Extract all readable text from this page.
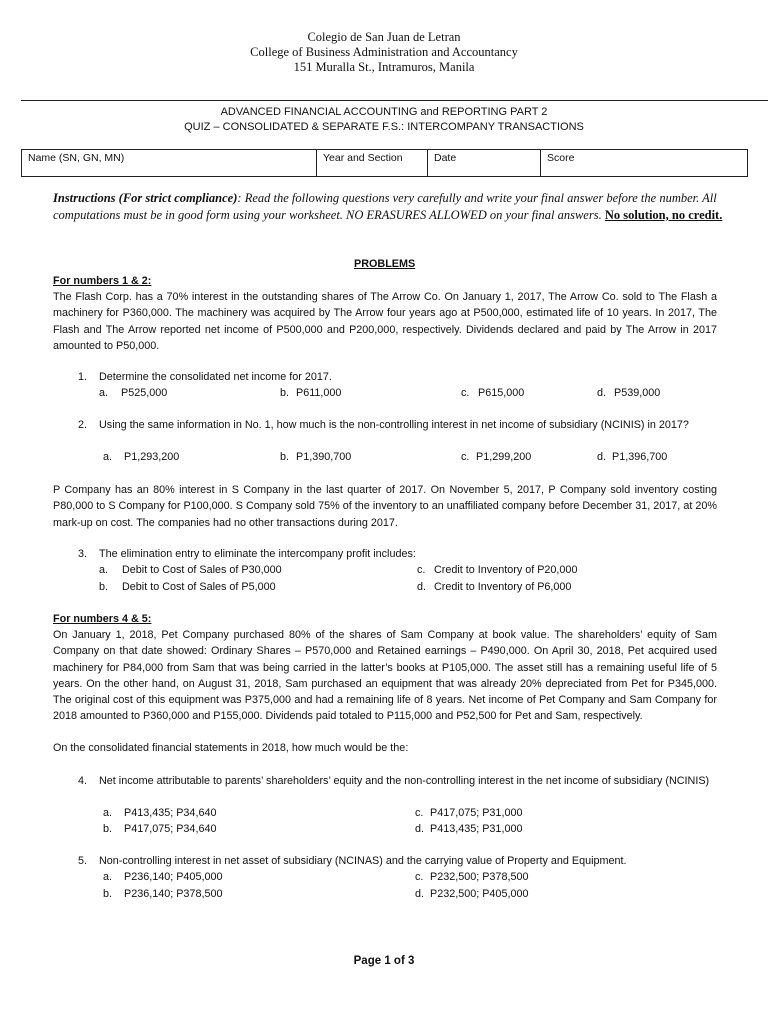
Colegio de San Juan de Letran
College of Business Administration and Accountancy
151 Muralla St., Intramuros, Manila
ADVANCED FINANCIAL ACCOUNTING and REPORTING PART 2
QUIZ – CONSOLIDATED & SEPARATE F.S.: INTERCOMPANY TRANSACTIONS
Name (SN, GN, MN)	Year and Section	Date	Score
Instructions (For strict compliance): Read the following questions very carefully and write your final answer before the number. All computations must be in good form using your worksheet. NO ERASURES ALLOWED on your final answers. No solution, no credit.
PROBLEMS
For numbers 1 & 2:
The Flash Corp. has a 70% interest in the outstanding shares of The Arrow Co. On January 1, 2017, The Arrow Co. sold to The Flash a machinery for P360,000. The machinery was acquired by The Arrow four years ago at P500,000, estimated life of 10 years. In 2017, The Flash and The Arrow reported net income of P500,000 and P200,000, respectively. Dividends declared and paid by The Arrow in 2017 amounted to P50,000.
1. Determine the consolidated net income for 2017.
a. P525,000	b. P611,000	c. P615,000	d. P539,000
2. Using the same information in No. 1, how much is the non-controlling interest in net income of subsidiary (NCINIS) in 2017?
a. P1,293,200	b. P1,390,700	c. P1,299,200	d. P1,396,700
P Company has an 80% interest in S Company in the last quarter of 2017. On November 5, 2017, P Company sold inventory costing P80,000 to S Company for P100,000. S Company sold 75% of the inventory to an unaffiliated company before December 31, 2017, at 20% mark-up on cost. The companies had no other transactions during 2017.
3. The elimination entry to eliminate the intercompany profit includes:
a. Debit to Cost of Sales of P30,000
b. Debit to Cost of Sales of P5,000
c. Credit to Inventory of P20,000
d. Credit to Inventory of P6,000
For numbers 4 & 5:
On January 1, 2018, Pet Company purchased 80% of the shares of Sam Company at book value. The shareholders’ equity of Sam Company on that date showed: Ordinary Shares – P570,000 and Retained earnings – P490,000. On April 30, 2018, Pet acquired used machinery for P84,000 from Sam that was being carried in the latter’s books at P105,000. The asset still has a remaining useful life of 5 years. On the other hand, on August 31, 2018, Sam purchased an equipment that was already 20% depreciated from Pet for P345,000. The original cost of this equipment was P375,000 and had a remaining life of 8 years. Net income of Pet Company and Sam Company for 2018 amounted to P360,000 and P155,000. Dividends paid totaled to P115,000 and P52,500 for Pet and Sam, respectively.
On the consolidated financial statements in 2018, how much would be the:
4. Net income attributable to parents’ shareholders’ equity and the non-controlling interest in the net income of subsidiary (NCINIS)
a. P413,435; P34,640
b. P417,075; P34,640
c. P417,075; P31,000
d. P413,435; P31,000
5. Non-controlling interest in net asset of subsidiary (NCINAS) and the carrying value of Property and Equipment.
a. P236,140; P405,000
b. P236,140; P378,500
c. P232,500; P378,500
d. P232,500; P405,000
Page 1 of 3
